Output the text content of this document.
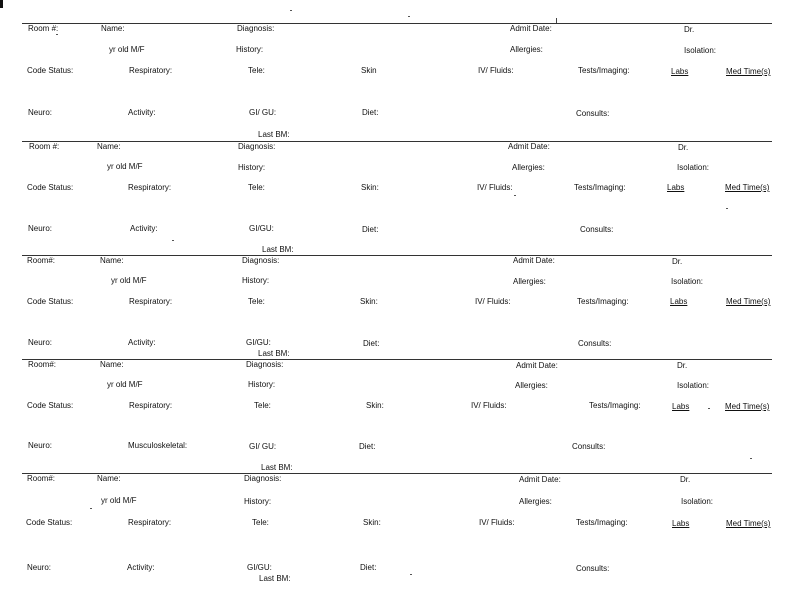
Room #:	Name:	Diagnosis:	Admit Date:	Dr.
yr old M/F	History:	Allergies:	Isolation:
Code Status:	Respiratory:	Tele:	Skin	IV/ Fluids:	Tests/Imaging:	Labs	Med Time(s)
Neuro:	Activity:	GI/ GU:	Diet:	Consults:
Last BM:
Room #:	Name:	Diagnosis:	Admit Date:	Dr.
yr old M/F	History:	Allergies:	Isolation:
Code Status:	Respiratory:	Tele:	Skin:	IV/ Fluids:	Tests/Imaging:	Labs	Med Time(s)
Neuro:	Activity:	GI/GU:	Diet:	Consults:
Last BM:
Room#:	Name:	Diagnosis:	Admit Date:	Dr.
yr old M/F	History:	Allergies:	Isolation:
Code Status:	Respiratory:	Tele:	Skin:	IV/ Fluids:	Tests/Imaging:	Labs	Med Time(s)
Neuro:	Activity:	GI/GU:	Diet:	Consults:
Last BM:
Room#:	Name:	Diagnosis:	Admit Date:	Dr.
yr old M/F	History:	Allergies:	Isolation:
Code Status:	Respiratory:	Tele:	Skin:	IV/ Fluids:	Tests/Imaging:	Labs	Med Time(s)
Neuro:	Musculoskeletal:	GI/ GU:	Diet:	Consults:
Last BM:
Room#:	Name:	Diagnosis:	Admit Date:	Dr.
yr old M/F	History:	Allergies:	Isolation:
Code Status:	Respiratory:	Tele:	Skin:	IV/ Fluids:	Tests/Imaging:	Labs	Med Time(s)
Neuro:	Activity:	GI/GU:	Diet:	Consults:
Last BM:
